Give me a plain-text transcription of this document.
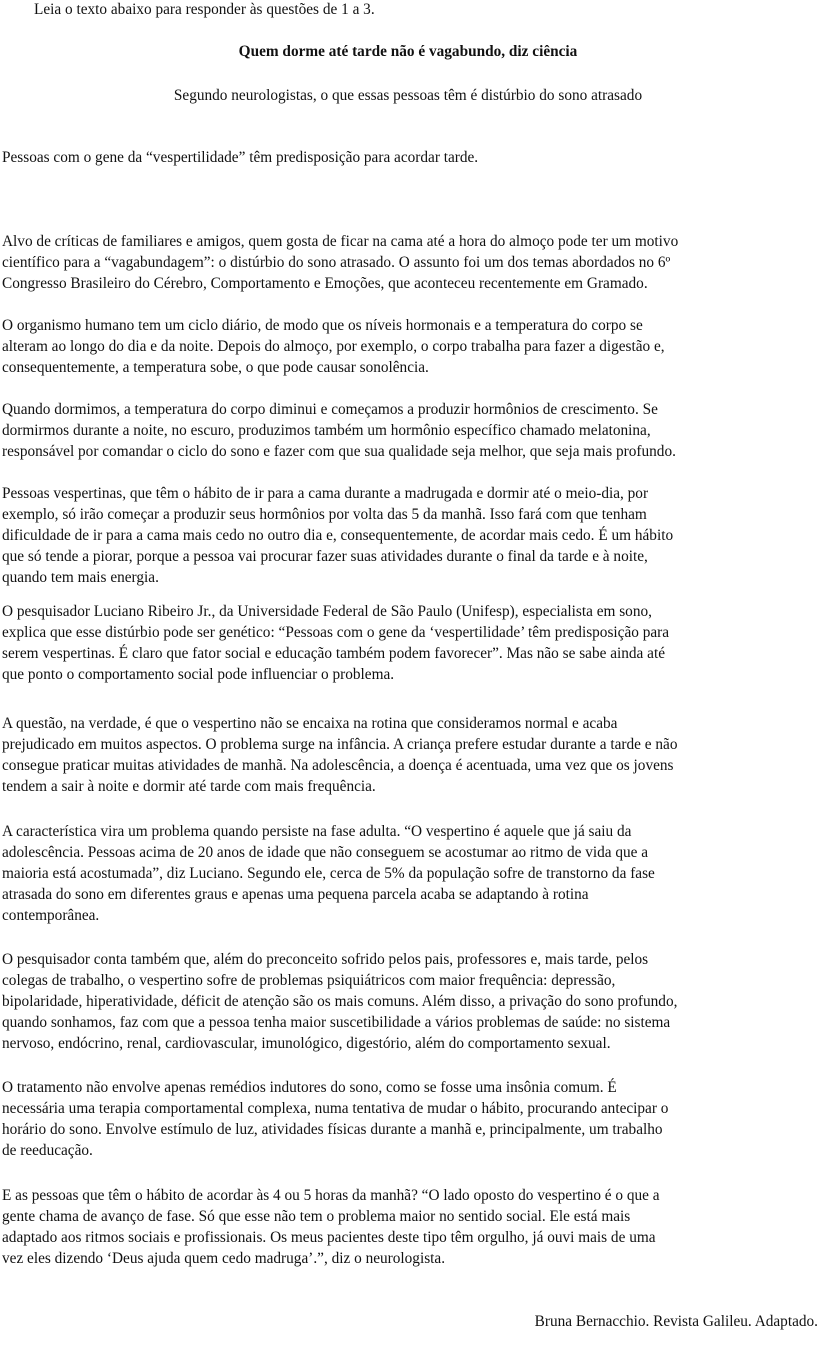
Leia o texto abaixo para responder às questões de 1 a 3.

Quem dorme até tarde não é vagabundo, diz ciência

Segundo neurologistas, o que essas pessoas têm é distúrbio do sono atrasado

Pessoas com o gene da “vespertilidade” têm predisposição para acordar tarde.

Alvo de críticas de familiares e amigos, quem gosta de ficar na cama até a hora do almoço pode ter um motivo
científico para a “vagabundagem”: o distúrbio do sono atrasado. O assunto foi um dos temas abordados no 6º
Congresso Brasileiro do Cérebro, Comportamento e Emoções, que aconteceu recentemente em Gramado.
O organismo humano tem um ciclo diário, de modo que os níveis hormonais e a temperatura do corpo se
alteram ao longo do dia e da noite. Depois do almoço, por exemplo, o corpo trabalha para fazer a digestão e,
consequentemente, a temperatura sobe, o que pode causar sonolência.
Quando dormimos, a temperatura do corpo diminui e começamos a produzir hormônios de crescimento. Se
dormirmos durante a noite, no escuro, produzimos também um hormônio específico chamado melatonina,
responsável por comandar o ciclo do sono e fazer com que sua qualidade seja melhor, que seja mais profundo.
Pessoas vespertinas, que têm o hábito de ir para a cama durante a madrugada e dormir até o meio-dia, por
exemplo, só irão começar a produzir seus hormônios por volta das 5 da manhã. Isso fará com que tenham
dificuldade de ir para a cama mais cedo no outro dia e, consequentemente, de acordar mais cedo. É um hábito
que só tende a piorar, porque a pessoa vai procurar fazer suas atividades durante o final da tarde e à noite,
quando tem mais energia.
O pesquisador Luciano Ribeiro Jr., da Universidade Federal de São Paulo (Unifesp), especialista em sono,
explica que esse distúrbio pode ser genético: “Pessoas com o gene da ‘vespertilidade’ têm predisposição para
serem vespertinas. É claro que fator social e educação também podem favorecer”. Mas não se sabe ainda até
que ponto o comportamento social pode influenciar o problema.
A questão, na verdade, é que o vespertino não se encaixa na rotina que consideramos normal e acaba
prejudicado em muitos aspectos. O problema surge na infância. A criança prefere estudar durante a tarde e não
consegue praticar muitas atividades de manhã. Na adolescência, a doença é acentuada, uma vez que os jovens
tendem a sair à noite e dormir até tarde com mais frequência.
A característica vira um problema quando persiste na fase adulta. “O vespertino é aquele que já saiu da
adolescência. Pessoas acima de 20 anos de idade que não conseguem se acostumar ao ritmo de vida que a
maioria está acostumada”, diz Luciano. Segundo ele, cerca de 5% da população sofre de transtorno da fase
atrasada do sono em diferentes graus e apenas uma pequena parcela acaba se adaptando à rotina
contemporânea.
O pesquisador conta também que, além do preconceito sofrido pelos pais, professores e, mais tarde, pelos
colegas de trabalho, o vespertino sofre de problemas psiquiátricos com maior frequência: depressão,
bipolaridade, hiperatividade, déficit de atenção são os mais comuns. Além disso, a privação do sono profundo,
quando sonhamos, faz com que a pessoa tenha maior suscetibilidade a vários problemas de saúde: no sistema
nervoso, endócrino, renal, cardiovascular, imunológico, digestório, além do comportamento sexual.
O tratamento não envolve apenas remédios indutores do sono, como se fosse uma insônia comum. É
necessária uma terapia comportamental complexa, numa tentativa de mudar o hábito, procurando antecipar o
horário do sono. Envolve estímulo de luz, atividades físicas durante a manhã e, principalmente, um trabalho
de reeducação.
E as pessoas que têm o hábito de acordar às 4 ou 5 horas da manhã? “O lado oposto do vespertino é o que a
gente chama de avanço de fase. Só que esse não tem o problema maior no sentido social. Ele está mais
adaptado aos ritmos sociais e profissionais. Os meus pacientes deste tipo têm orgulho, já ouvi mais de uma
vez eles dizendo ‘Deus ajuda quem cedo madruga’.”, diz o neurologista.

Bruna Bernacchio. Revista Galileu. Adaptado.
